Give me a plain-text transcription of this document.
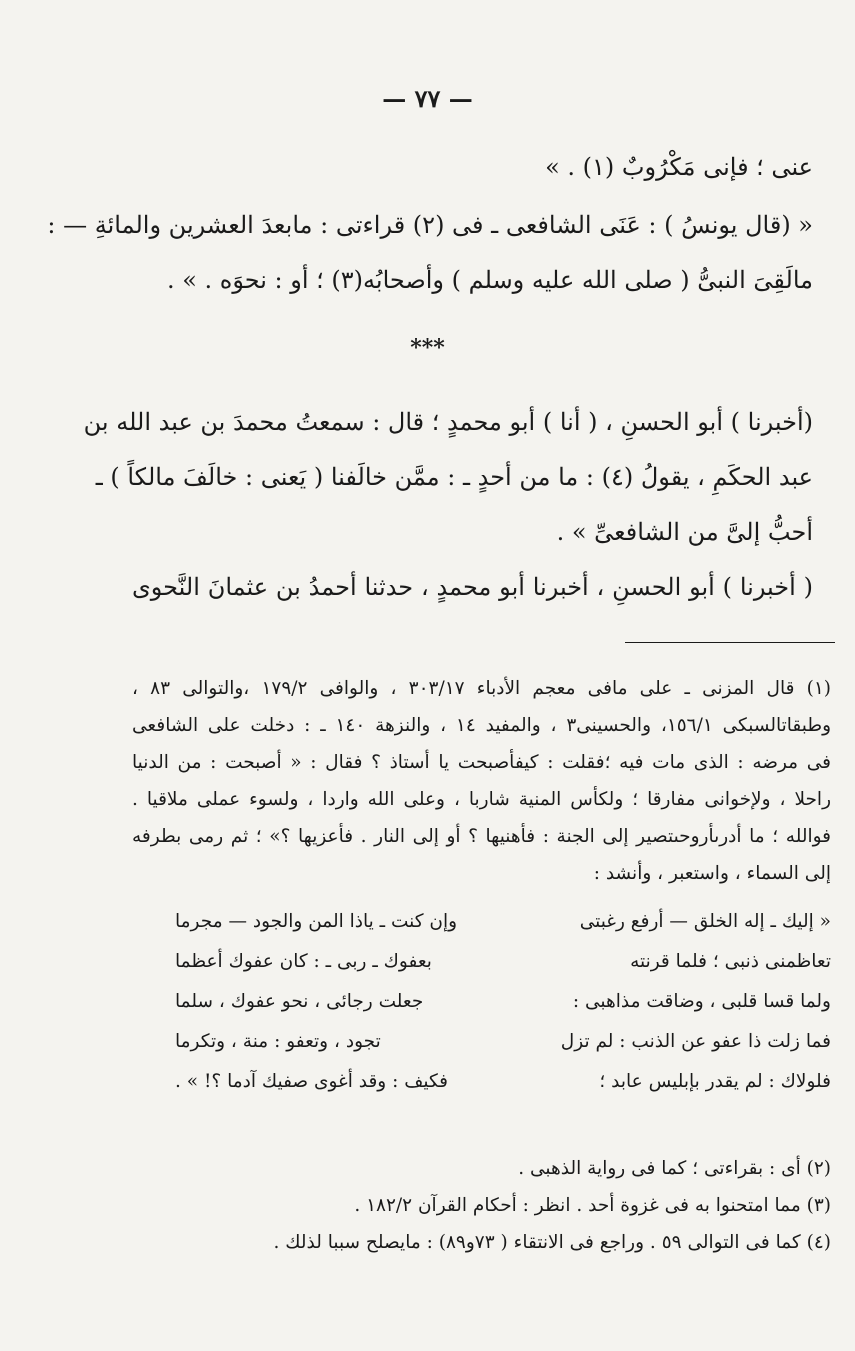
— ٧٧ —
عنى ؛ فإنى مَكْرُوبٌ (١) . »
« (قال يونسُ ) : عَنَى الشافعى ـ فى (٢) قراءتى : مابعدَ العشرين والمائةِ — :
مالَقِىَ النبىُّ ( صلى الله عليه وسلم ) وأصحابُه(٣) ؛ أو : نحوَه . » .
***
(أخبرنا ) أبو الحسنِ ، ( أنا ) أبو محمدٍ ؛ قال : سمعتُ محمدَ بن عبد الله بن
عبد الحكَمِ ، يقولُ (٤) : ما من أحدٍ ـ : ممَّن خالَفنا ( يَعنى : خالَفَ مالكاً ) ـ
أحبُّ إلىَّ من الشافعىِّ » .
( أخبرنا ) أبو الحسنِ ، أخبرنا أبو محمدٍ ، حدثنا أحمدُ بن عثمانَ النَّحوى
(١) قال المزنى ـ على مافى معجم الأدباء ٣٠٣/١٧ ، والوافى ١٧٩/٢ ،والتوالى ٨٣ ،
وطبقاتالسبكى ١٥٦/١، والحسينى٣ ، والمفيد ١٤ ، والنزهة ١٤٠ ـ : دخلت على الشافعى
فى مرضه : الذى مات فيه ؛فقلت : كيفأصبحت يا أستاذ ؟ فقال : « أصبحت : من الدنيا
راحلا ، ولإخوانى مفارقا ؛ ولكأس المنية شاربا ، وعلى الله واردا ، ولسوء عملى ملاقيا .
فوالله ؛ ما أدرىأروحىتصير إلى الجنة : فأهنيها ؟ أو إلى النار . فأعزيها ؟» ؛ ثم رمى بطرفه
إلى السماء ، واستعبر ، وأنشد :
« إليك ـ إله الخلق — أرفع رغبتى
وإن كنت ـ ياذا المن والجود — مجرما
تعاظمنى ذنبى ؛ فلما قرنته
بعفوك ـ ربى ـ : كان عفوك أعظما
ولما قسا قلبى ، وضاقت مذاهبى :
جعلت رجائى ، نحو عفوك ، سلما
فما زلت ذا عفو عن الذنب : لم تزل
تجود ، وتعفو : منة ، وتكرما
فلولاك : لم يقدر بإبليس عابد ؛
فكيف : وقد أغوى صفيك آدما ؟! » .
(٢) أى : بقراءتى ؛ كما فى رواية الذهبى .
(٣) مما امتحنوا به فى غزوة أحد . انظر : أحكام القرآن ١٨٢/٢ .
(٤) كما فى التوالى ٥٩ . وراجع فى الانتقاء ( ٧٣و٨٩) : مايصلح سببا لذلك .
